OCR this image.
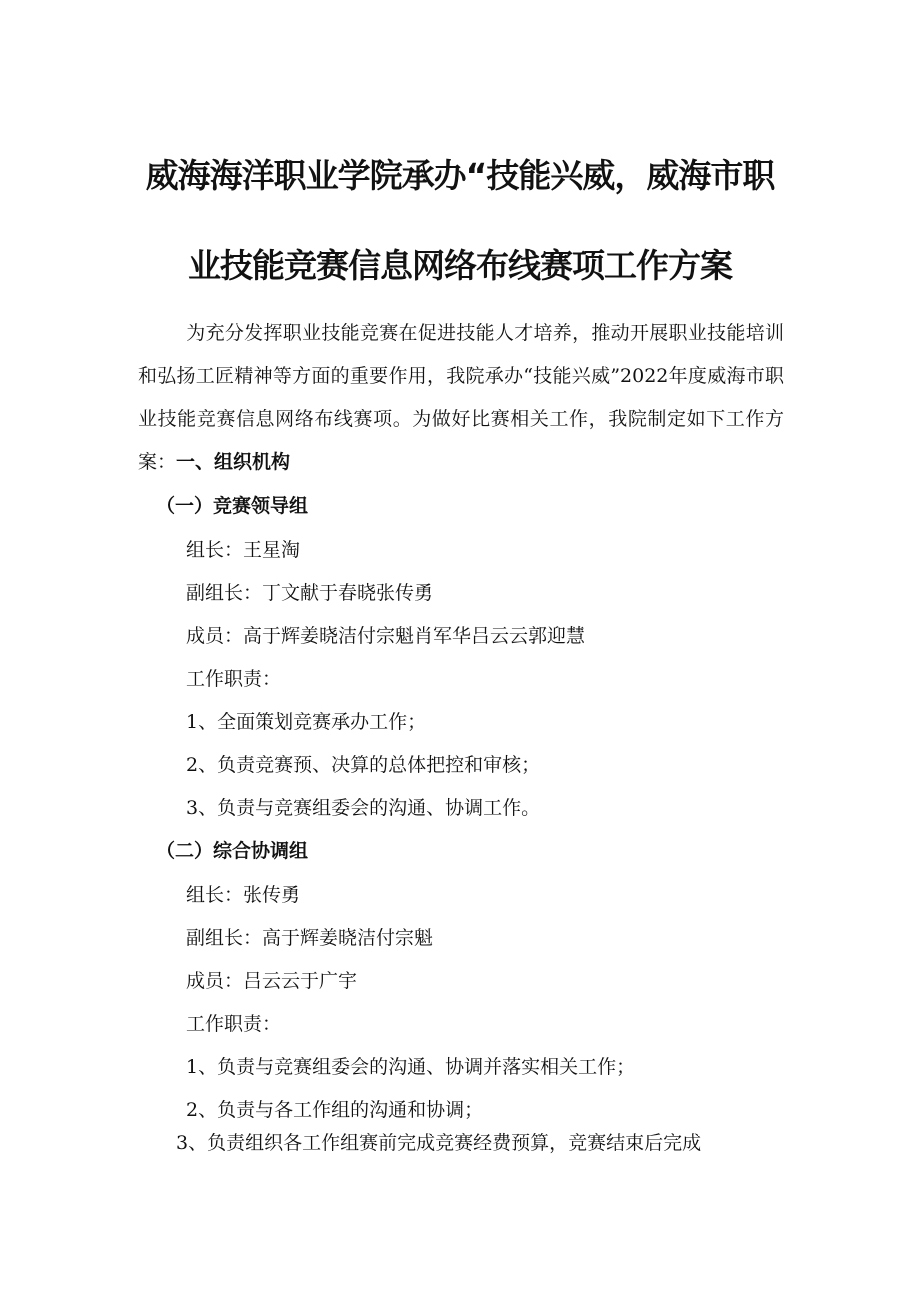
威海海洋职业学院承办“技能兴威，威海市职
业技能竞赛信息网络布线赛项工作方案
为充分发挥职业技能竞赛在促进技能人才培养，推动开展职业技能培训和弘扬工匠精神等方面的重要作用，我院承办“技能兴威”2022年度威海市职业技能竞赛信息网络布线赛项。为做好比赛相关工作，我院制定如下工作方案：一、组织机构
（一）竞赛领导组
组长：王星淘
副组长：丁文献于春晓张传勇
成员：高于辉姜晓洁付宗魁肖军华吕云云郭迎慧
工作职责：
1、全面策划竞赛承办工作；
2、负责竞赛预、决算的总体把控和审核；
3、负责与竞赛组委会的沟通、协调工作。
（二）综合协调组
组长：张传勇
副组长：高于辉姜晓洁付宗魁
成员：吕云云于广宇
工作职责：
1、负责与竞赛组委会的沟通、协调并落实相关工作；
2、负责与各工作组的沟通和协调；
3、负责组织各工作组赛前完成竞赛经费预算，竞赛结束后完成
